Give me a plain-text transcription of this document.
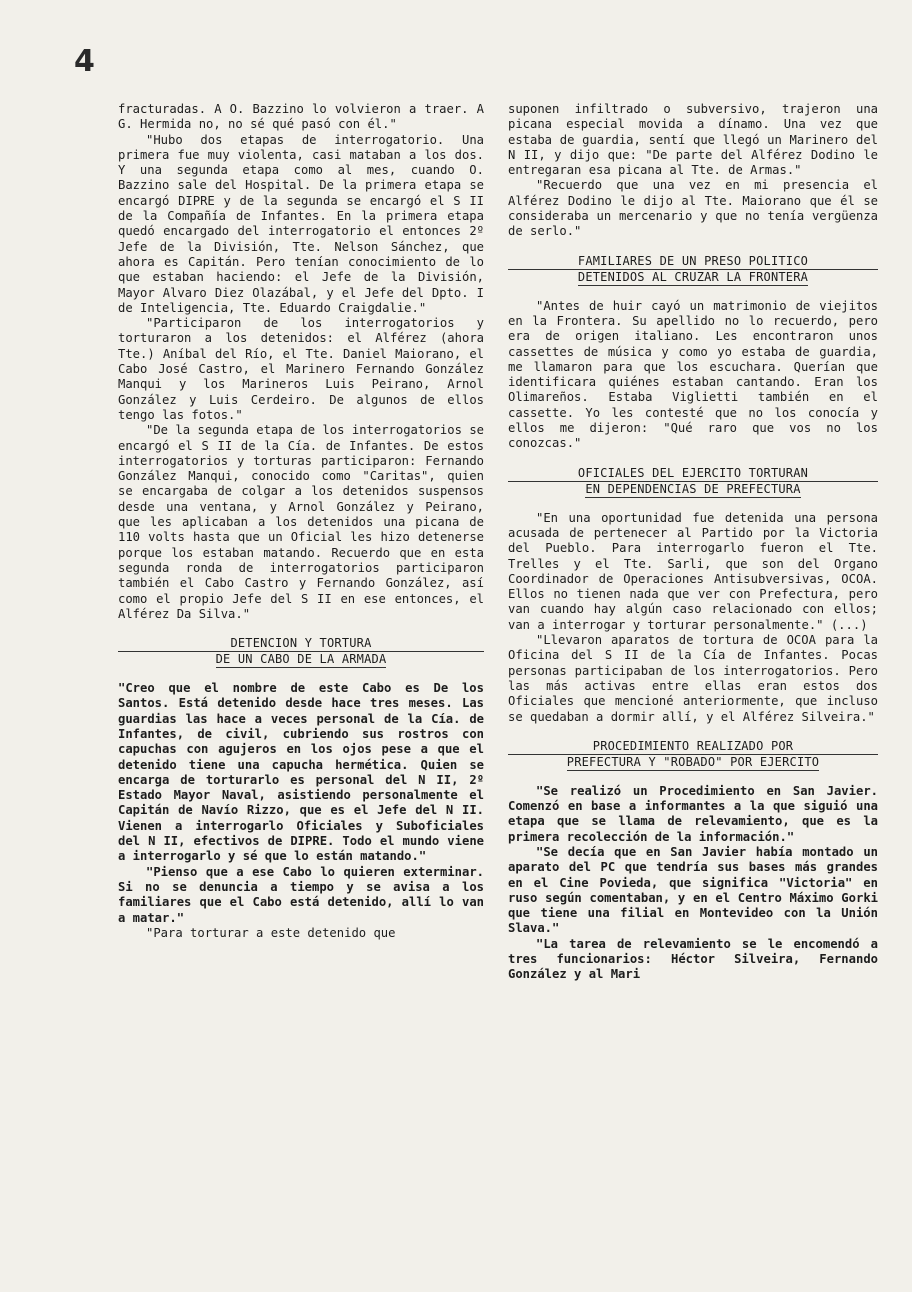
4

fracturadas. A O. Bazzino lo volvieron a traer. A G. Hermida no, no sé qué pasó con él."

"Hubo dos etapas de interrogatorio. Una primera fue muy violenta, casi mataban a los dos. Y una segunda etapa como al mes, cuando O. Bazzino sale del Hospital. De la primera etapa se encargó DIPRE y de la segunda se encargó el S II de la Compañía de Infantes. En la primera etapa quedó encargado del interrogatorio el entonces 2º Jefe de la División, Tte. Nelson Sánchez, que ahora es Capitán. Pero tenían conocimiento de lo que estaban haciendo: el Jefe de la División, Mayor Alvaro Diez Olazábal, y el Jefe del Dpto. I de Inteligencia, Tte. Eduardo Craigdalie."

"Participaron de los interrogatorios y torturaron a los detenidos: el Alférez (ahora Tte.) Aníbal del Río, el Tte. Daniel Maiorano, el Cabo José Castro, el Marinero Fernando González Manqui y los Marineros Luis Peirano, Arnol González y Luis Cerdeiro. De algunos de ellos tengo las fotos."

"De la segunda etapa de los interrogatorios se encargó el S II de la Cía. de Infantes. De estos interrogatorios y torturas participaron: Fernando González Manqui, conocido como "Caritas", quien se encargaba de colgar a los detenidos suspensos desde una ventana, y Arnol González y Peirano, que les aplicaban a los detenidos una picana de 110 volts hasta que un Oficial les hizo detenerse porque los estaban matando. Recuerdo que en esta segunda ronda de interrogatorios participaron también el Cabo Castro y Fernando González, así como el propio Jefe del S II en ese entonces, el Alférez Da Silva."

DETENCION Y TORTURA
DE UN CABO DE LA ARMADA

"Creo que el nombre de este Cabo es De los Santos. Está detenido desde hace tres meses. Las guardias las hace a veces personal de la Cía. de Infantes, de civil, cubriendo sus rostros con capuchas con agujeros en los ojos pese a que el detenido tiene una capucha hermética. Quien se encarga de torturarlo es personal del N II, 2º Estado Mayor Naval, asistiendo personalmente el Capitán de Navío Rizzo, que es el Jefe del N II. Vienen a interrogarlo Oficiales y Suboficiales del N II, efectivos de DIPRE. Todo el mundo viene a interrogarlo y sé que lo están matando."

"Pienso que a ese Cabo lo quieren exterminar. Si no se denuncia a tiempo y se avisa a los familiares que el Cabo está detenido, allí lo van a matar."

"Para torturar a este detenido que

suponen infiltrado o subversivo, trajeron una picana especial movida a dínamo. Una vez que estaba de guardia, sentí que llegó un Marinero del N II, y dijo que: "De parte del Alférez Dodino le entregaran esa picana al Tte. de Armas."

"Recuerdo que una vez en mi presencia el Alférez Dodino le dijo al Tte. Maiorano que él se consideraba un mercenario y que no tenía vergüenza de serlo."

FAMILIARES DE UN PRESO POLITICO
DETENIDOS AL CRUZAR LA FRONTERA

"Antes de huir cayó un matrimonio de viejitos en la Frontera. Su apellido no lo recuerdo, pero era de origen italiano. Les encontraron unos cassettes de música y como yo estaba de guardia, me llamaron para que los escuchara. Querían que identificara quiénes estaban cantando. Eran los Olimareños. Estaba Viglietti también en el cassette. Yo les contesté que no los conocía y ellos me dijeron: "Qué raro que vos no los conozcas."

OFICIALES DEL EJERCITO TORTURAN
EN DEPENDENCIAS DE PREFECTURA

"En una oportunidad fue detenida una persona acusada de pertenecer al Partido por la Victoria del Pueblo. Para interrogarlo fueron el Tte. Trelles y el Tte. Sarli, que son del Organo Coordinador de Operaciones Antisubversivas, OCOA. Ellos no tienen nada que ver con Prefectura, pero van cuando hay algún caso relacionado con ellos; van a interrogar y torturar personalmente." (...)

"Llevaron aparatos de tortura de OCOA para la Oficina del S II de la Cía de Infantes. Pocas personas participaban de los interrogatorios. Pero las más activas entre ellas eran estos dos Oficiales que mencioné anteriormente, que incluso se quedaban a dormir allí, y el Alférez Silveira."

PROCEDIMIENTO REALIZADO POR
PREFECTURA Y "ROBADO" POR EJERCITO

"Se realizó un Procedimiento en San Javier. Comenzó en base a informantes a la que siguió una etapa que se llama de relevamiento, que es la primera recolección de la información."

"Se decía que en San Javier había montado un aparato del PC que tendría sus bases más grandes en el Cine Povieda, que significa "Victoria" en ruso según comentaban, y en el Centro Máximo Gorki que tiene una filial en Montevideo con la Unión Slava."

"La tarea de relevamiento se le encomendó a tres funcionarios: Héctor Silveira, Fernando González y al Mari
